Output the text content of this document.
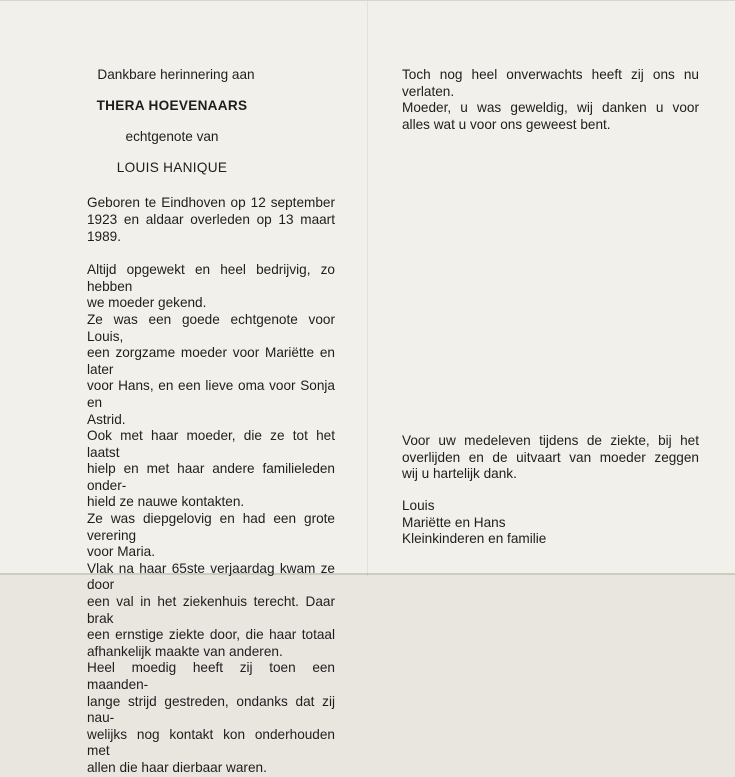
Dankbare herinnering aan
THERA HOEVENAARS
echtgenote van
LOUIS HANIQUE
Geboren te Eindhoven op 12 september
1923 en aldaar overleden op 13 maart 1989.
Altijd opgewekt en heel bedrijvig, zo hebben
we moeder gekend.
Ze was een goede echtgenote voor Louis,
een zorgzame moeder voor Mariëtte en later
voor Hans, en een lieve oma voor Sonja en
Astrid.
Ook met haar moeder, die ze tot het laatst
hielp en met haar andere familieleden onder-
hield ze nauwe kontakten.
Ze was diepgelovig en had een grote verering
voor Maria.
Vlak na haar 65ste verjaardag kwam ze door
een val in het ziekenhuis terecht. Daar brak
een ernstige ziekte door, die haar totaal
afhankelijk maakte van anderen.
Heel moedig heeft zij toen een maanden-
lange strijd gestreden, ondanks dat zij nau-
welijks nog kontakt kon onderhouden met
allen die haar dierbaar waren.
Toch nog heel onverwachts heeft zij ons nu
verlaten.
Moeder, u was geweldig, wij danken u voor
alles wat u voor ons geweest bent.
Voor uw medeleven tijdens de ziekte, bij het
overlijden en de uitvaart van moeder zeggen
wij u hartelijk dank.
Louis
Mariëtte en Hans
Kleinkinderen en familie
